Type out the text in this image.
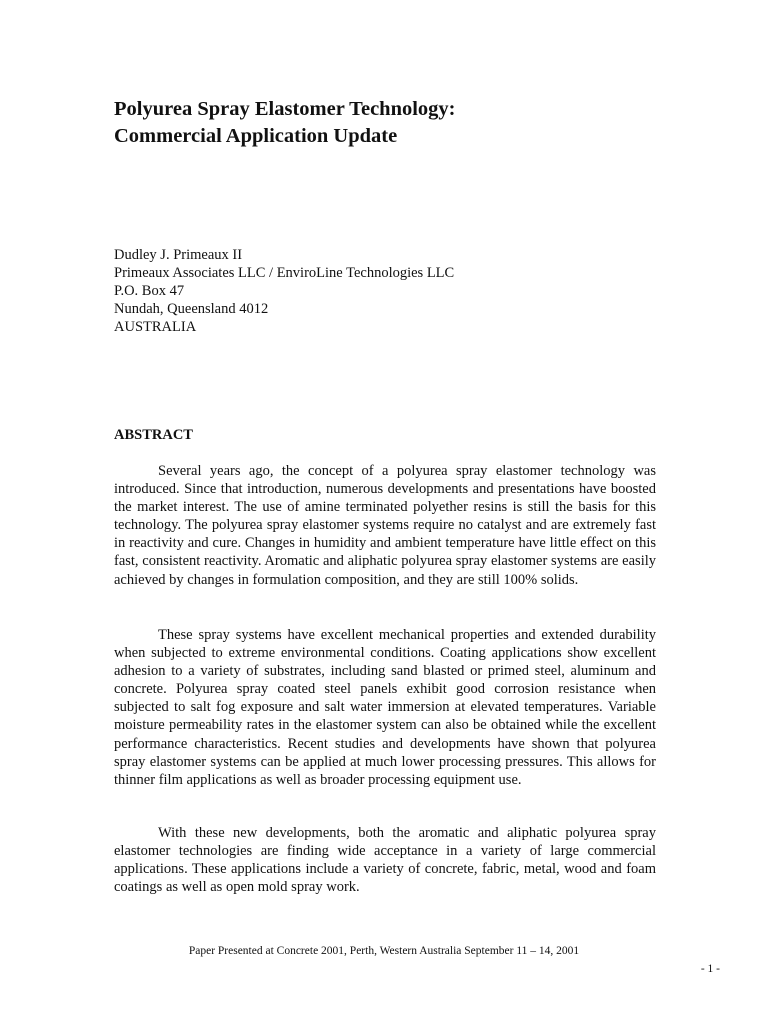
Polyurea Spray Elastomer Technology:
Commercial Application Update
Dudley J. Primeaux II
Primeaux Associates LLC / EnviroLine Technologies LLC
P.O. Box 47
Nundah, Queensland 4012
AUSTRALIA
ABSTRACT

Several years ago, the concept of a polyurea spray elastomer technology was introduced. Since that introduction, numerous developments and presentations have boosted the market interest. The use of amine terminated polyether resins is still the basis for this technology. The polyurea spray elastomer systems require no catalyst and are extremely fast in reactivity and cure. Changes in humidity and ambient temperature have little effect on this fast, consistent reactivity. Aromatic and aliphatic polyurea spray elastomer systems are easily achieved by changes in formulation composition, and they are still 100% solids.

These spray systems have excellent mechanical properties and extended durability when subjected to extreme environmental conditions. Coating applications show excellent adhesion to a variety of substrates, including sand blasted or primed steel, aluminum and concrete. Polyurea spray coated steel panels exhibit good corrosion resistance when subjected to salt fog exposure and salt water immersion at elevated temperatures. Variable moisture permeability rates in the elastomer system can also be obtained while the excellent performance characteristics. Recent studies and developments have shown that polyurea spray elastomer systems can be applied at much lower processing pressures. This allows for thinner film applications as well as broader processing equipment use.

With these new developments, both the aromatic and aliphatic polyurea spray elastomer technologies are finding wide acceptance in a variety of large commercial applications. These applications include a variety of concrete, fabric, metal, wood and foam coatings as well as open mold spray work.

Paper Presented at Concrete 2001, Perth, Western Australia September 11 – 14, 2001
- 1 -
